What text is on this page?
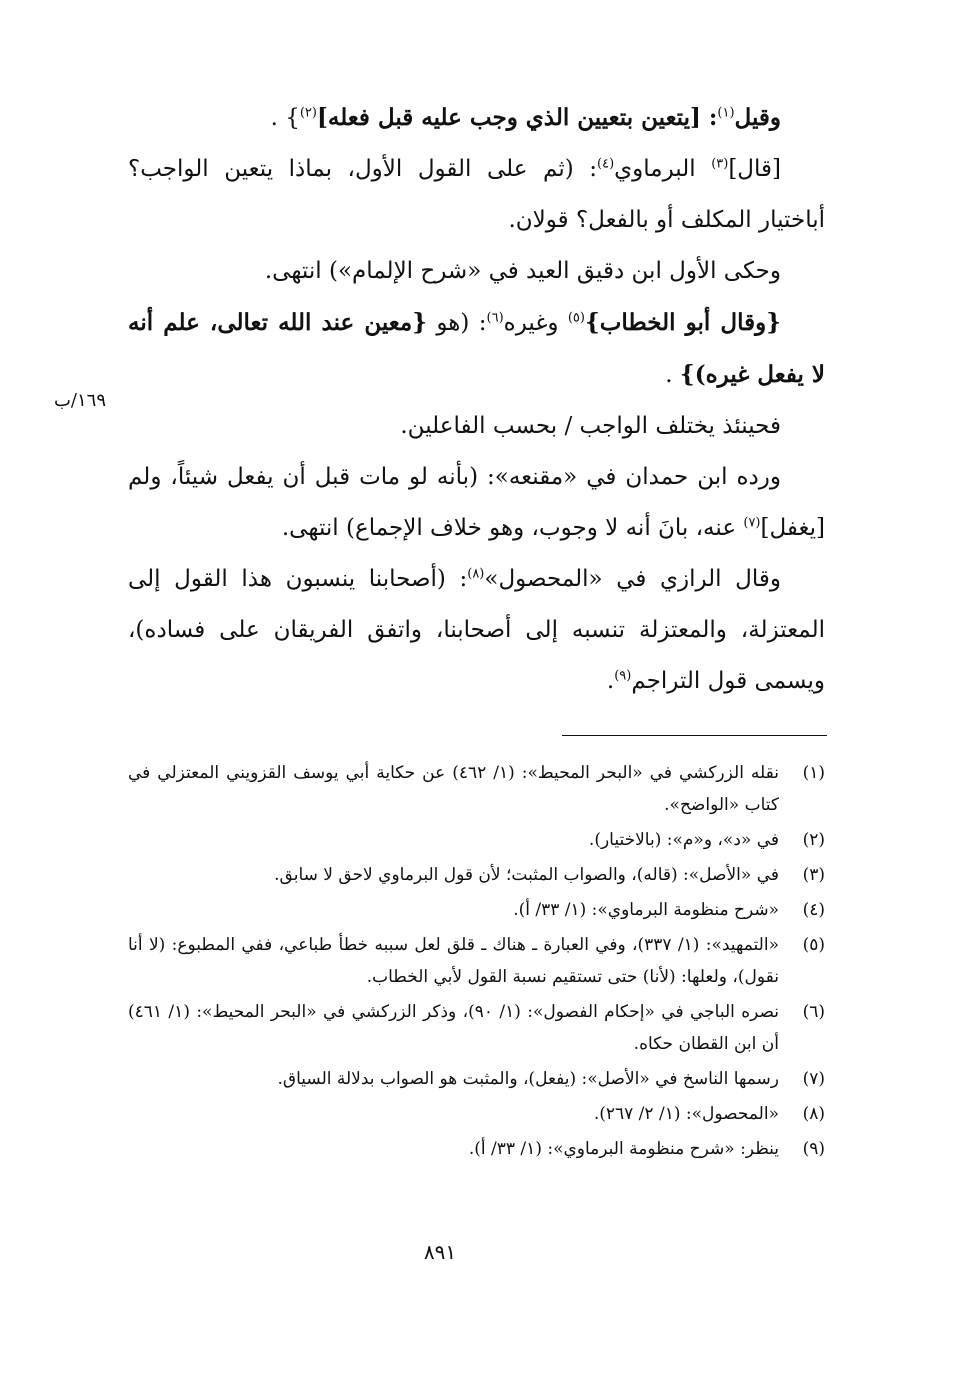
وقيل$^{(١)}$: [يتعين بتعيين الذي وجب عليه قبل فعله]$^{(٢)}$} .

[قال]$^{(٣)}$ البرماوي$^{(٤)}$: (ثم على القول الأول، بماذا يتعين الواجب؟ أباختيار المكلف أو بالفعل؟ قولان.

وحكى الأول ابن دقيق العيد في «شرح الإلمام») انتهى.

{وقال أبو الخطاب}$^{(٥)}$ وغيره$^{(٦)}$: (هو {معين عند الله تعالى، علم أنه لا يفعل غيره)} .

فحينئذ يختلف الواجب / بحسب الفاعلين.

ورده ابن حمدان في «مقنعه»: (بأنه لو مات قبل أن يفعل شيئاً، ولم [يغفل]$^{(٧)}$ عنه، بانَ أنه لا وجوب، وهو خلاف الإجماع) انتهى.

وقال الرازي في «المحصول»$^{(٨)}$: (أصحابنا ينسبون هذا القول إلى المعتزلة، والمعتزلة تنسبه إلى أصحابنا، واتفق الفريقان على فساده)، ويسمى قول التراجم$^{(٩)}$.

١٦٩/ب
(١)
نقله الزركشي في «البحر المحيط»: (١/ ٤٦٢) عن حكاية أبي يوسف القزويني المعتزلي في كتاب «الواضح».
(٢)
في «د»، و«م»: (بالاختيار).
(٣)
في «الأصل»: (قاله)، والصواب المثبت؛ لأن قول البرماوي لاحق لا سابق.
(٤)
«شرح منظومة البرماوي»: (١/ ٣٣/ أ).
(٥)
«التمهيد»: (١/ ٣٣٧)، وفي العبارة ـ هناك ـ قلق لعل سببه خطأ طباعي، ففي المطبوع: (لا أنا نقول)، ولعلها: (لأنا) حتى تستقيم نسبة القول لأبي الخطاب.
(٦)
نصره الباجي في «إحكام الفصول»: (١/ ٩٠)، وذكر الزركشي في «البحر المحيط»: (١/ ٤٦١) أن ابن القطان حكاه.
(٧)
رسمها الناسخ في «الأصل»: (يفعل)، والمثبت هو الصواب بدلالة السياق.
(٨)
«المحصول»: (١/ ٢/ ٢٦٧).
(٩)
ينظر: «شرح منظومة البرماوي»: (١/ ٣٣/ أ).
٨٩١
